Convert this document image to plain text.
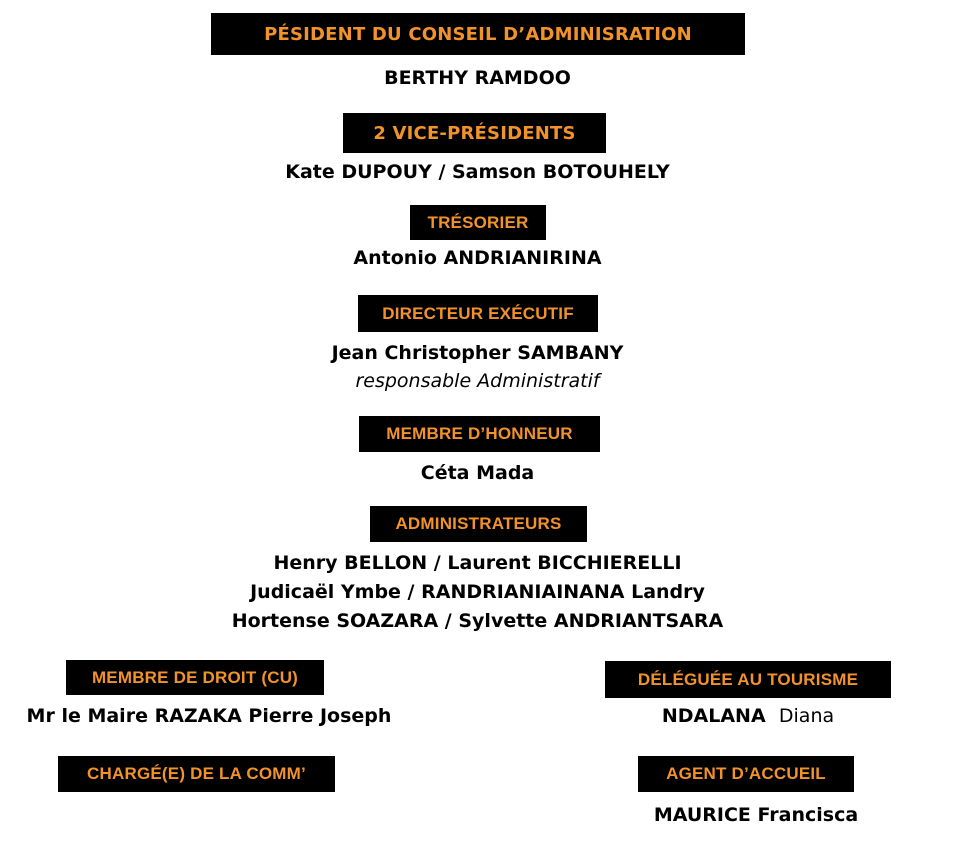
PÉSIDENT DU CONSEIL D’ADMINISRATION
BERTHY RAMDOO
2 VICE-PRÉSIDENTS
Kate DUPOUY / Samson BOTOUHELY
TRÉSORIER
Antonio ANDRIANIRINA
DIRECTEUR EXÉCUTIF
Jean Christopher SAMBANY
responsable Administratif
MEMBRE D’HONNEUR
Céta Mada
ADMINISTRATEURS
Henry BELLON / Laurent BICCHIERELLI
Judicaël Ymbe / RANDRIANIAINANA Landry
Hortense SOAZARA / Sylvette ANDRIANTSARA
MEMBRE DE DROIT (CU)
Mr le Maire RAZAKA Pierre Joseph
DÉLÉGUÉE AU TOURISME
NDALANA Diana
CHARGÉ(E) DE LA COMM’	AGENT D’ACCUEIL
MAURICE Francisca
